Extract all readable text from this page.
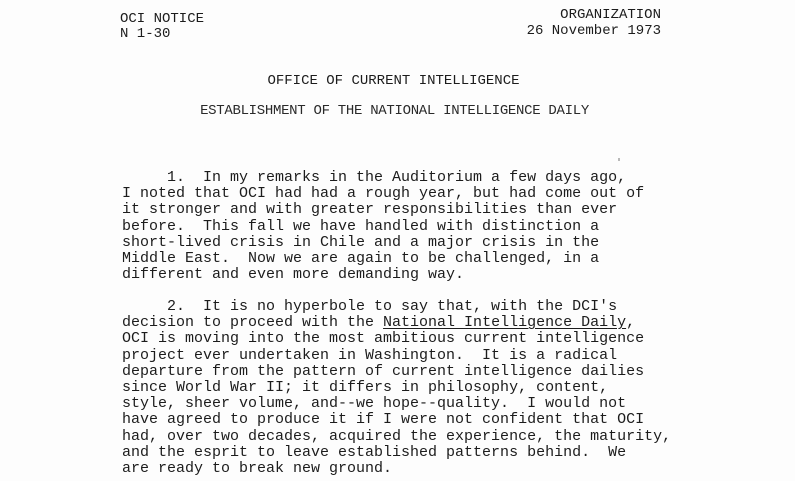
OCI NOTICE
N 1-30
ORGANIZATION
26 November 1973
OFFICE OF CURRENT INTELLIGENCE
ESTABLISHMENT OF THE NATIONAL INTELLIGENCE DAILY
1.  In my remarks in the Auditorium a few days ago,
I noted that OCI had had a rough year, but had come out of
it stronger and with greater responsibilities than ever
before.  This fall we have handled with distinction a
short-lived crisis in Chile and a major crisis in the
Middle East.  Now we are again to be challenged, in a
different and even more demanding way.
2.  It is no hyperbole to say that, with the DCI's
decision to proceed with the National Intelligence Daily,
OCI is moving into the most ambitious current intelligence
project ever undertaken in Washington.  It is a radical
departure from the pattern of current intelligence dailies
since World War II; it differs in philosophy, content,
style, sheer volume, and--we hope--quality.  I would not
have agreed to produce it if I were not confident that OCI
had, over two decades, acquired the experience, the maturity,
and the esprit to leave established patterns behind.  We
are ready to break new ground.
